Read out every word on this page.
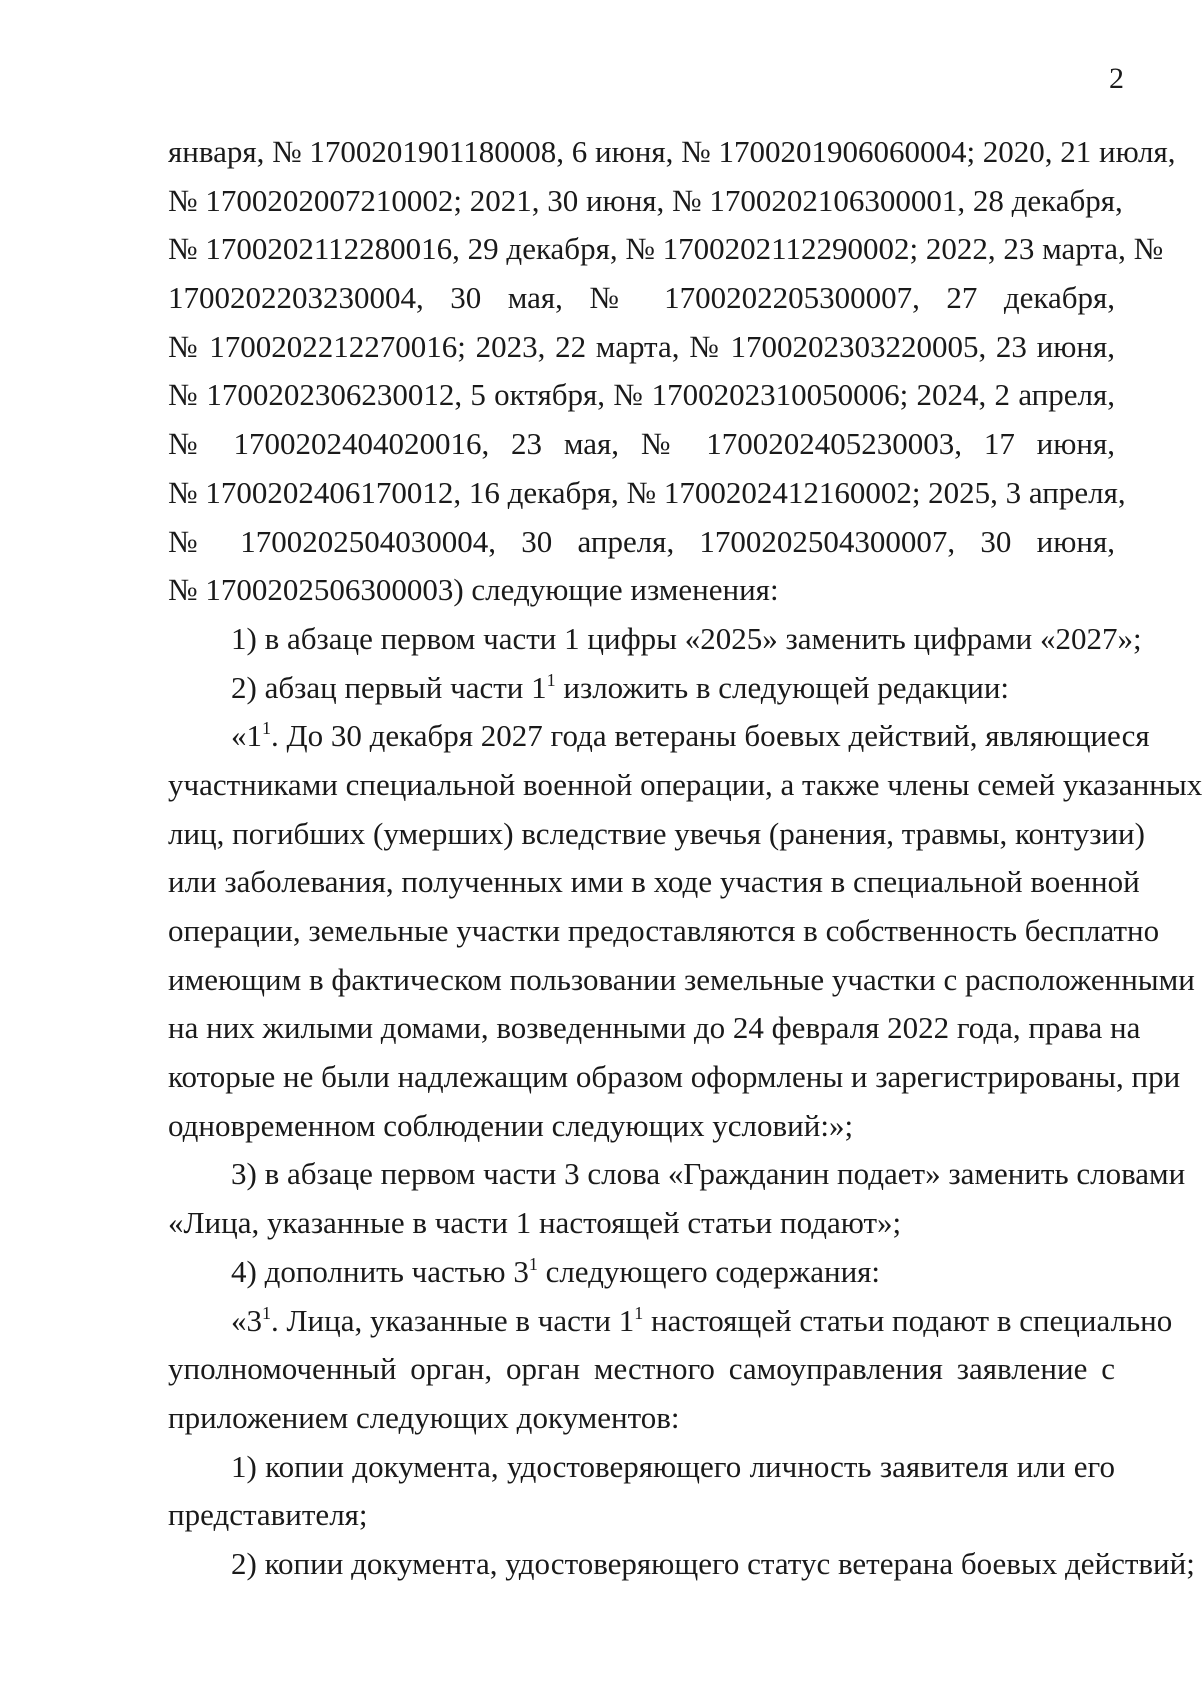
2
января, № 1700201901180008, 6 июня, № 1700201906060004; 2020, 21 июля,
№ 1700202007210002; 2021, 30 июня, № 1700202106300001, 28 декабря,
№ 1700202112280016, 29 декабря, № 1700202112290002; 2022, 23 марта, №
1700202203230004, 30 мая, № 1700202205300007, 27 декабря,
№ 1700202212270016; 2023, 22 марта, № 1700202303220005, 23 июня,
№ 1700202306230012, 5 октября, № 1700202310050006; 2024, 2 апреля,
№ 1700202404020016, 23 мая, № 1700202405230003, 17 июня,
№ 1700202406170012, 16 декабря, № 1700202412160002; 2025, 3 апреля,
№ 1700202504030004, 30 апреля, 1700202504300007, 30 июня,
№ 1700202506300003) следующие изменения:
1) в абзаце первом части 1 цифры «2025» заменить цифрами «2027»;
2) абзац первый части $1^1$ изложить в следующей редакции:
«$1^1$. До 30 декабря 2027 года ветераны боевых действий, являющиеся
участниками специальной военной операции, а также члены семей указанных
лиц, погибших (умерших) вследствие увечья (ранения, травмы, контузии)
или заболевания, полученных ими в ходе участия в специальной военной
операции, земельные участки предоставляются в собственность бесплатно
имеющим в фактическом пользовании земельные участки с расположенными
на них жилыми домами, возведенными до 24 февраля 2022 года, права на
которые не были надлежащим образом оформлены и зарегистрированы, при
одновременном соблюдении следующих условий:»;
3) в абзаце первом части 3 слова «Гражданин подает» заменить словами
«Лица, указанные в части 1 настоящей статьи подают»;
4) дополнить частью $3^1$ следующего содержания:
«$3^1$. Лица, указанные в части $1^1$ настоящей статьи подают в специально
уполномоченный орган, орган местного самоуправления заявление с
приложением следующих документов:
1) копии документа, удостоверяющего личность заявителя или его
представителя;
2) копии документа, удостоверяющего статус ветерана боевых действий;
